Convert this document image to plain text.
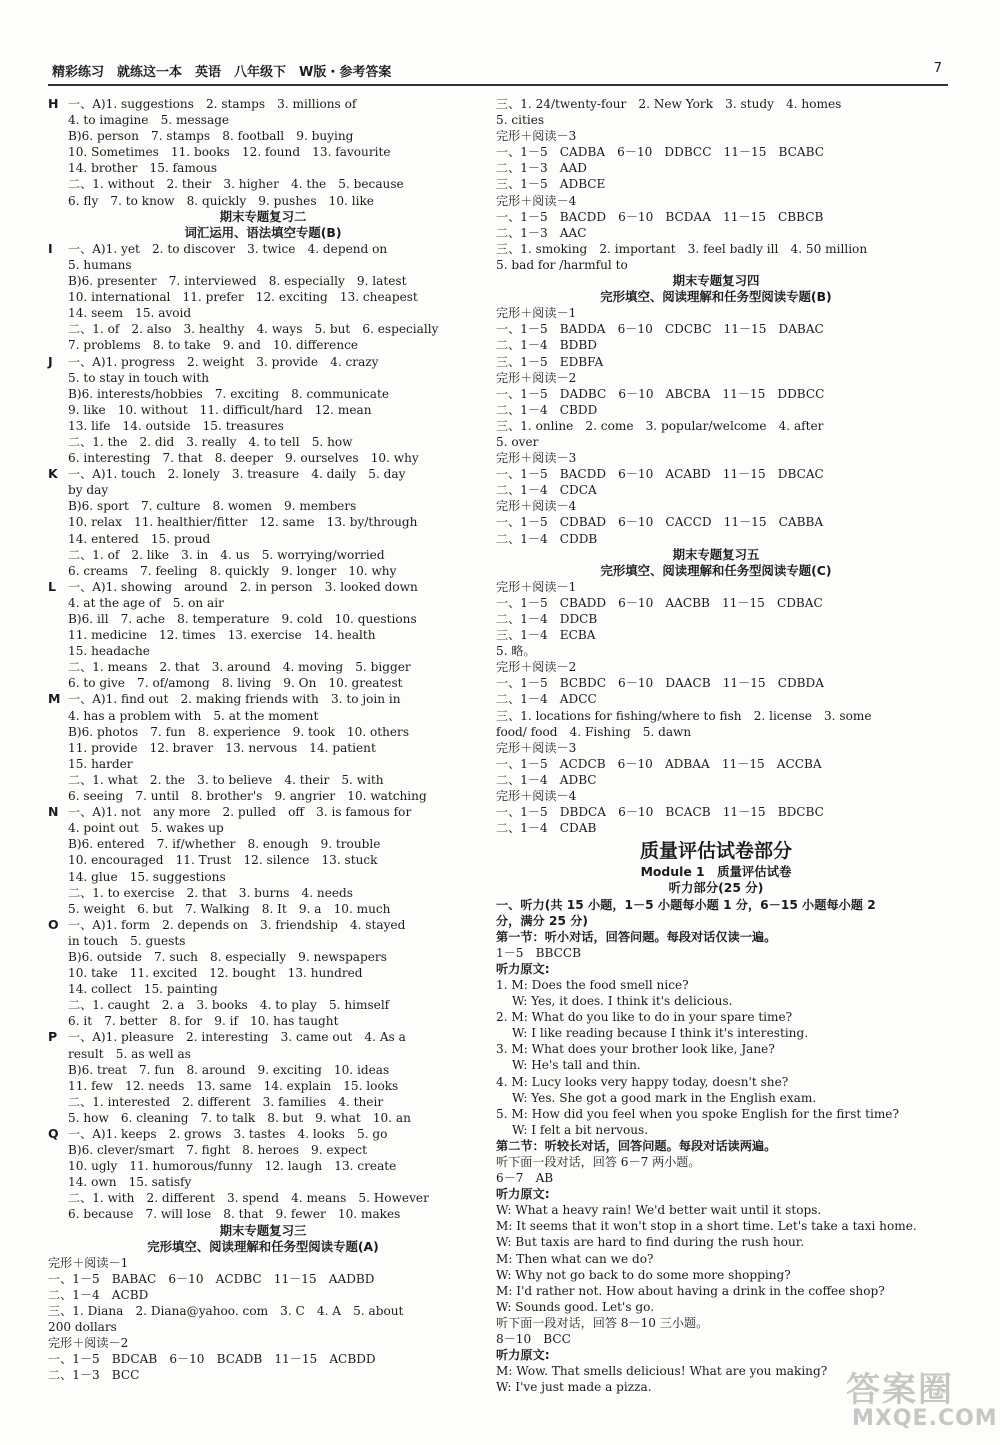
精彩练习　就练这一本　英语　八年级下　W版・参考答案	7
H 一、A)1. suggestions　2. stamps　3. millions of
4. to imagine　5. message
B)6. person　7. stamps　8. football　9. buying
10. Sometimes　11. books　12. found　13. favourite
14. brother　15. famous
二、1. without　2. their　3. higher　4. the　5. because
6. fly　7. to know　8. quickly　9. pushes　10. like
期末专题复习二
词汇运用、语法填空专题(B)
I 一、A)1. yet　2. to discover　3. twice　4. depend on
5. humans
B)6. presenter　7. interviewed　8. especially　9. latest
10. international　11. prefer　12. exciting　13. cheapest
14. seem　15. avoid
二、1. of　2. also　3. healthy　4. ways　5. but　6. especially
7. problems　8. to take　9. and　10. difference
J 一、A)1. progress　2. weight　3. provide　4. crazy
5. to stay in touch with
B)6. interests/hobbies　7. exciting　8. communicate
9. like　10. without　11. difficult/hard　12. mean
13. life　14. outside　15. treasures
二、1. the　2. did　3. really　4. to tell　5. how
6. interesting　7. that　8. deeper　9. ourselves　10. why
K 一、A)1. touch　2. lonely　3. treasure　4. daily　5. day
by day
B)6. sport　7. culture　8. women　9. members
10. relax　11. healthier/fitter　12. same　13. by/through
14. entered　15. proud
二、1. of　2. like　3. in　4. us　5. worrying/worried
6. creams　7. feeling　8. quickly　9. longer　10. why
L 一、A)1. showing　around　2. in person　3. looked down
4. at the age of　5. on air
B)6. ill　7. ache　8. temperature　9. cold　10. questions
11. medicine　12. times　13. exercise　14. health
15. headache
二、1. means　2. that　3. around　4. moving　5. bigger
6. to give　7. of/among　8. living　9. On　10. greatest
M 一、A)1. find out　2. making friends with　3. to join in
4. has a problem with　5. at the moment
B)6. photos　7. fun　8. experience　9. took　10. others
11. provide　12. braver　13. nervous　14. patient
15. harder
二、1. what　2. the　3. to believe　4. their　5. with
6. seeing　7. until　8. brother's　9. angrier　10. watching
N 一、A)1. not　any more　2. pulled　off　3. is famous for
4. point out　5. wakes up
B)6. entered　7. if/whether　8. enough　9. trouble
10. encouraged　11. Trust　12. silence　13. stuck
14. glue　15. suggestions
二、1. to exercise　2. that　3. burns　4. needs
5. weight　6. but　7. Walking　8. It　9. a　10. much
O 一、A)1. form　2. depends on　3. friendship　4. stayed
in touch　5. guests
B)6. outside　7. such　8. especially　9. newspapers
10. take　11. excited　12. bought　13. hundred
14. collect　15. painting
二、1. caught　2. a　3. books　4. to play　5. himself
6. it　7. better　8. for　9. if　10. has taught
P 一、A)1. pleasure　2. interesting　3. came out　4. As a
result　5. as well as
B)6. treat　7. fun　8. around　9. exciting　10. ideas
11. few　12. needs　13. same　14. explain　15. looks
二、1. interested　2. different　3. families　4. their
5. how　6. cleaning　7. to talk　8. but　9. what　10. an
Q 一、A)1. keeps　2. grows　3. tastes　4. looks　5. go
B)6. clever/smart　7. fight　8. heroes　9. expect
10. ugly　11. humorous/funny　12. laugh　13. create
14. own　15. satisfy
二、1. with　2. different　3. spend　4. means　5. However
6. because　7. will lose　8. that　9. fewer　10. makes
期末专题复习三
完形填空、阅读理解和任务型阅读专题(A)
完形＋阅读－1
一、1－5　BABAC　6－10　ACDBC　11－15　AADBD
二、1－4　ACBD
三、1. Diana　2. Diana@yahoo. com　3. C　4. A　5. about
200 dollars
完形＋阅读－2
一、1－5　BDCAB　6－10　BCADB　11－15　ACBDD
二、1－3　BCC
三、1. 24/twenty-four　2. New York　3. study　4. homes
5. cities
完形＋阅读－3
一、1－5　CADBA　6－10　DDBCC　11－15　BCABC
二、1－3　AAD
三、1－5　ADBCE
完形＋阅读－4
一、1－5　BACDD　6－10　BCDAA　11－15　CBBCB
二、1－3　AAC
三、1. smoking　2. important　3. feel badly ill　4. 50 million
5. bad for /harmful to
期末专题复习四
完形填空、阅读理解和任务型阅读专题(B)
完形＋阅读－1
一、1－5　BADDA　6－10　CDCBC　11－15　DABAC
二、1－4　BDBD
三、1－5　EDBFA
完形＋阅读－2
一、1－5　DADBC　6－10　ABCBA　11－15　DDBCC
二、1－4　CBDD
三、1. online　2. come　3. popular/welcome　4. after
5. over
完形＋阅读－3
一、1－5　BACDD　6－10　ACABD　11－15　DBCAC
二、1－4　CDCA
完形＋阅读－4
一、1－5　CDBAD　6－10　CACCD　11－15　CABBA
二、1－4　CDDB
期末专题复习五
完形填空、阅读理解和任务型阅读专题(C)
完形＋阅读－1
一、1－5　CBADD　6－10　AACBB　11－15　CDBAC
二、1－4　DDCB
三、1－4　ECBA
5. 略。
完形＋阅读－2
一、1－5　BCBDC　6－10　DAACB　11－15　CDBDA
二、1－4　ADCC
三、1. locations for fishing/where to fish　2. license　3. some
food/ food　4. Fishing　5. dawn
完形＋阅读－3
一、1－5　ACDCB　6－10　ADBAA　11－15　ACCBA
二、1－4　ADBC
完形＋阅读－4
一、1－5　DBDCA　6－10　BCACB　11－15　BDCBC
二、1－4　CDAB
质量评估试卷部分
Module 1　质量评估试卷
听力部分(25 分)
一、听力(共 15 小题，1－5 小题每小题 1 分，6－15 小题每小题 2
分，满分 25 分)
第一节：听小对话，回答问题。每段对话仅读一遍。
1－5　BBCCB
听力原文:
1. M: Does the food smell nice?
　 W: Yes, it does. I think it's delicious.
2. M: What do you like to do in your spare time?
　 W: I like reading because I think it's interesting.
3. M: What does your brother look like, Jane?
　 W: He's tall and thin.
4. M: Lucy looks very happy today, doesn't she?
　 W: Yes. She got a good mark in the English exam.
5. M: How did you feel when you spoke English for the first time?
　 W: I felt a bit nervous.
第二节：听较长对话，回答问题。每段对话读两遍。
听下面一段对话，回答 6－7 两小题。
6－7　AB
听力原文:
W: What a heavy rain! We'd better wait until it stops.
M: It seems that it won't stop in a short time. Let's take a taxi home.
W: But taxis are hard to find during the rush hour.
M: Then what can we do?
W: Why not go back to do some more shopping?
M: I'd rather not. How about having a drink in the coffee shop?
W: Sounds good. Let's go.
听下面一段对话，回答 8－10 三小题。
8－10　BCC
听力原文:
M: Wow. That smells delicious! What are you making?
W: I've just made a pizza.	答案圈
MXQE.COM
